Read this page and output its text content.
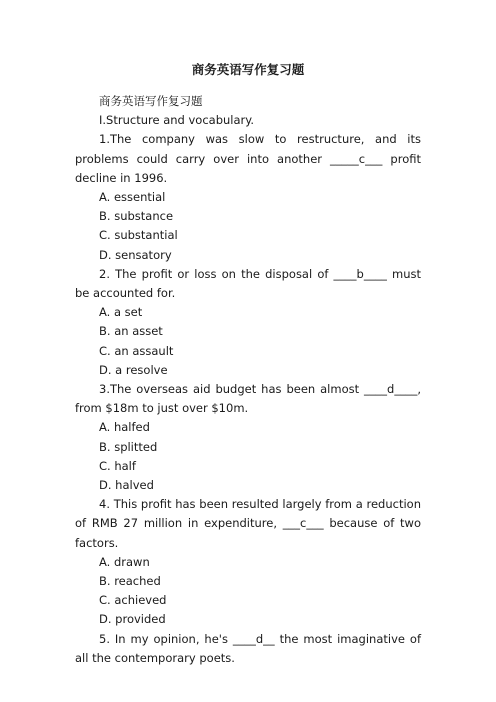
商务英语写作复习题

商务英语写作复习题

I.Structure and vocabulary.

1.The company was slow to restructure, and its problems could carry over into another _____c___ profit decline in 1996.

A. essential

B. substance

C. substantial

D. sensatory

2. The profit or loss on the disposal of ____b____ must be accounted for.

A. a set

B. an asset

C. an assault

D. a resolve

3.The overseas aid budget has been almost ____d____, from $18m to just over $10m.

A. halfed

B. splitted

C. half

D. halved

4. This profit has been resulted largely from a reduction of RMB 27 million in expenditure, ___c___ because of two factors.

A. drawn

B. reached

C. achieved

D. provided

5. In my opinion, he's ____d__ the most imaginative of all the contemporary poets.
